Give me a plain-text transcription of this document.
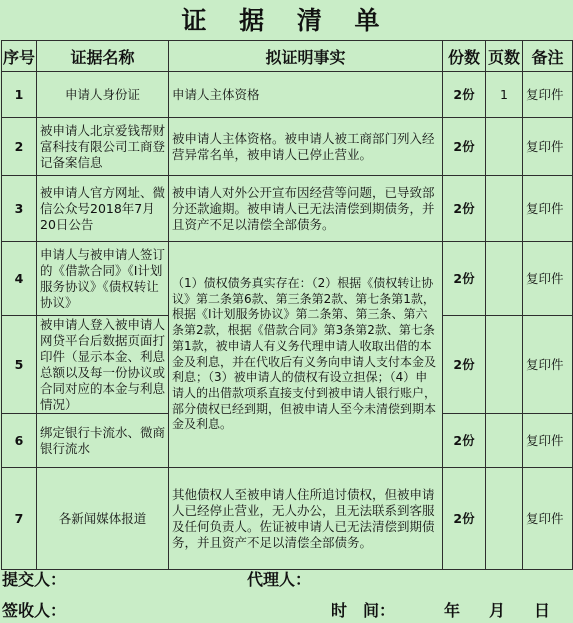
证 据 清 单
序号	证据名称	拟证明事实	份数	页数	备注
1	申请人身份证	申请人主体资格	2份	1	复印件
2	被申请人北京爱钱帮财富科技有限公司工商登记备案信息	被申请人主体资格。被申请人被工商部门列入经营异常名单，被申请人已停止营业。	2份		复印件
3	被申请人官方网址、微信公众号2018年7月20日公告	被申请人对外公开宣布因经营等问题，已导致部分还款逾期。被申请人已无法清偿到期债务，并且资产不足以清偿全部债务。	2份		复印件
4	申请人与被申请人签订的《借款合同》《I计划服务协议》《债权转让协议》	（1）债权债务真实存在：（2）根据《债权转让协议》第二条第6款、第三条第2款、第七条第1款，根据《I计划服务协议》第二条第、第三条、第六条第2款，根据《借款合同》第3条第2款、第七条第1款，被申请人有义务代理申请人收取出借的本金及利息，并在代收后有义务向申请人支付本金及利息；（3）被申请人的债权有设立担保；（4）申请人的出借款项系直接支付到被申请人银行账户，部分债权已经到期，但被申请人至今未清偿到期本金及利息。	2份		复印件
5	被申请人登入被申请人网贷平台后数据页面打印件（显示本金、利息总额以及每一份协议或合同对应的本金与利息情况）		2份		复印件
6	绑定银行卡流水、微商银行流水		2份		复印件
7	各新闻媒体报道	其他债权人至被申请人住所追讨债权，但被申请人已经停止营业，无人办公，且无法联系到客服及任何负责人。佐证被申请人已无法清偿到期债务，并且资产不足以清偿全部债务。	2份		复印件
提交人：	代理人：
签收人：	时　间：	年 月 日
